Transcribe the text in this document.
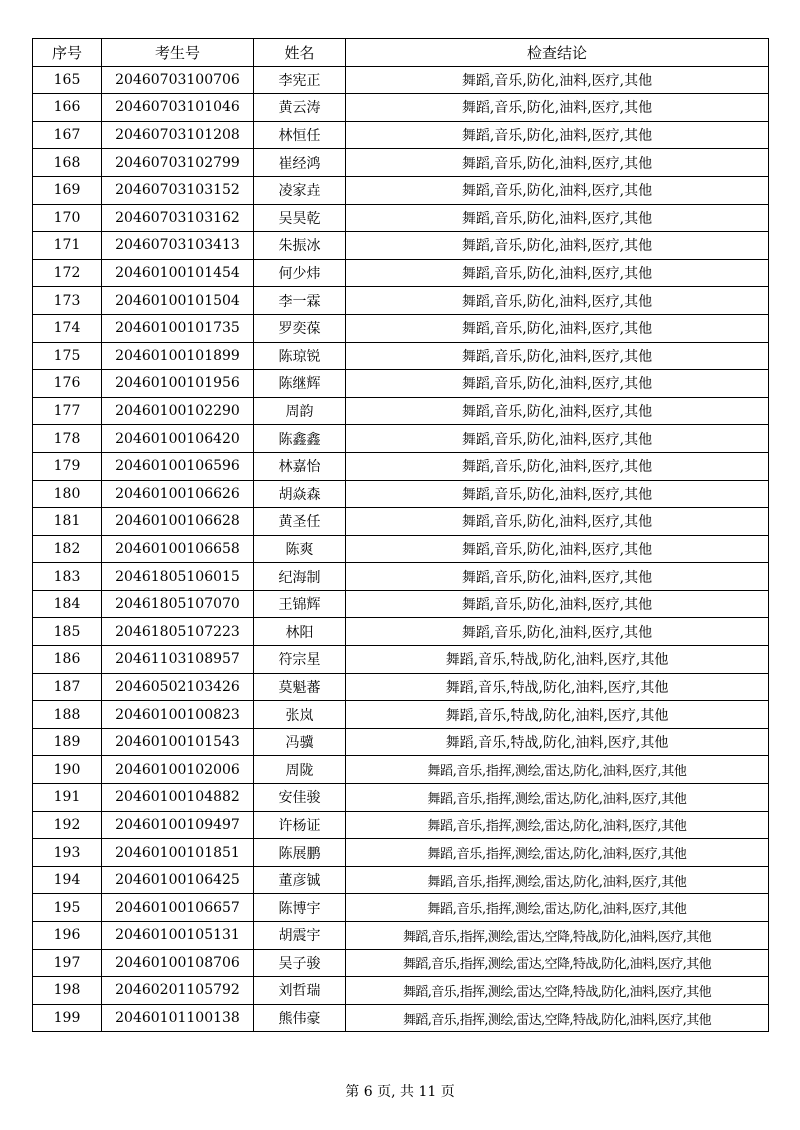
序号	考生号	姓名	检查结论
165	20460703100706	李宪正	舞蹈,音乐,防化,油料,医疗,其他
166	20460703101046	黄云涛	舞蹈,音乐,防化,油料,医疗,其他
167	20460703101208	林恒任	舞蹈,音乐,防化,油料,医疗,其他
168	20460703102799	崔经鸿	舞蹈,音乐,防化,油料,医疗,其他
169	20460703103152	凌家垚	舞蹈,音乐,防化,油料,医疗,其他
170	20460703103162	吴昊乾	舞蹈,音乐,防化,油料,医疗,其他
171	20460703103413	朱振冰	舞蹈,音乐,防化,油料,医疗,其他
172	20460100101454	何少炜	舞蹈,音乐,防化,油料,医疗,其他
173	20460100101504	李一霖	舞蹈,音乐,防化,油料,医疗,其他
174	20460100101735	罗奕葆	舞蹈,音乐,防化,油料,医疗,其他
175	20460100101899	陈琼锐	舞蹈,音乐,防化,油料,医疗,其他
176	20460100101956	陈继辉	舞蹈,音乐,防化,油料,医疗,其他
177	20460100102290	周韵	舞蹈,音乐,防化,油料,医疗,其他
178	20460100106420	陈鑫鑫	舞蹈,音乐,防化,油料,医疗,其他
179	20460100106596	林嘉怡	舞蹈,音乐,防化,油料,医疗,其他
180	20460100106626	胡焱森	舞蹈,音乐,防化,油料,医疗,其他
181	20460100106628	黄圣任	舞蹈,音乐,防化,油料,医疗,其他
182	20460100106658	陈爽	舞蹈,音乐,防化,油料,医疗,其他
183	20461805106015	纪海制	舞蹈,音乐,防化,油料,医疗,其他
184	20461805107070	王锦辉	舞蹈,音乐,防化,油料,医疗,其他
185	20461805107223	林阳	舞蹈,音乐,防化,油料,医疗,其他
186	20461103108957	符宗星	舞蹈,音乐,特战,防化,油料,医疗,其他
187	20460502103426	莫魁蕃	舞蹈,音乐,特战,防化,油料,医疗,其他
188	20460100100823	张岚	舞蹈,音乐,特战,防化,油料,医疗,其他
189	20460100101543	冯骥	舞蹈,音乐,特战,防化,油料,医疗,其他
190	20460100102006	周陇	舞蹈,音乐,指挥,测绘,雷达,防化,油料,医疗,其他
191	20460100104882	安佳骏	舞蹈,音乐,指挥,测绘,雷达,防化,油料,医疗,其他
192	20460100109497	许杨证	舞蹈,音乐,指挥,测绘,雷达,防化,油料,医疗,其他
193	20460100101851	陈展鹏	舞蹈,音乐,指挥,测绘,雷达,防化,油料,医疗,其他
194	20460100106425	董彦铖	舞蹈,音乐,指挥,测绘,雷达,防化,油料,医疗,其他
195	20460100106657	陈博宇	舞蹈,音乐,指挥,测绘,雷达,防化,油料,医疗,其他
196	20460100105131	胡震宇	舞蹈,音乐,指挥,测绘,雷达,空降,特战,防化,油料,医疗,其他
197	20460100108706	吴子骏	舞蹈,音乐,指挥,测绘,雷达,空降,特战,防化,油料,医疗,其他
198	20460201105792	刘哲瑞	舞蹈,音乐,指挥,测绘,雷达,空降,特战,防化,油料,医疗,其他
199	20460101100138	熊伟豪	舞蹈,音乐,指挥,测绘,雷达,空降,特战,防化,油料,医疗,其他
第 6 页, 共 11 页
